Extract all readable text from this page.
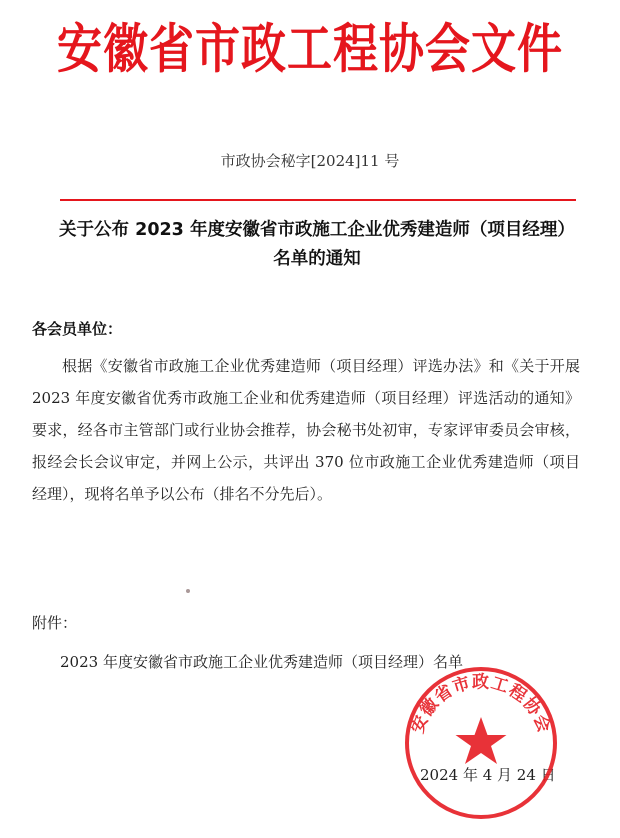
安徽省市政工程协会文件
市政协会秘字[2024]11 号
关于公布 2023 年度安徽省市政施工企业优秀建造师（项目经理）名单的通知
各会员单位：

根据《安徽省市政施工企业优秀建造师（项目经理）评选办法》和《关于开展 2023 年度安徽省优秀市政施工企业和优秀建造师（项目经理）评选活动的通知》要求，经各市主管部门或行业协会推荐，协会秘书处初审，专家评审委员会审核，报经会长会议审定，并网上公示，共评出 370 位市政施工企业优秀建造师（项目经理），现将名单予以公布（排名不分先后）。

附件：
2023 年度安徽省市政施工企业优秀建造师（项目经理）名单
2024 年 4 月 24 日
安徽省市政工程协会
